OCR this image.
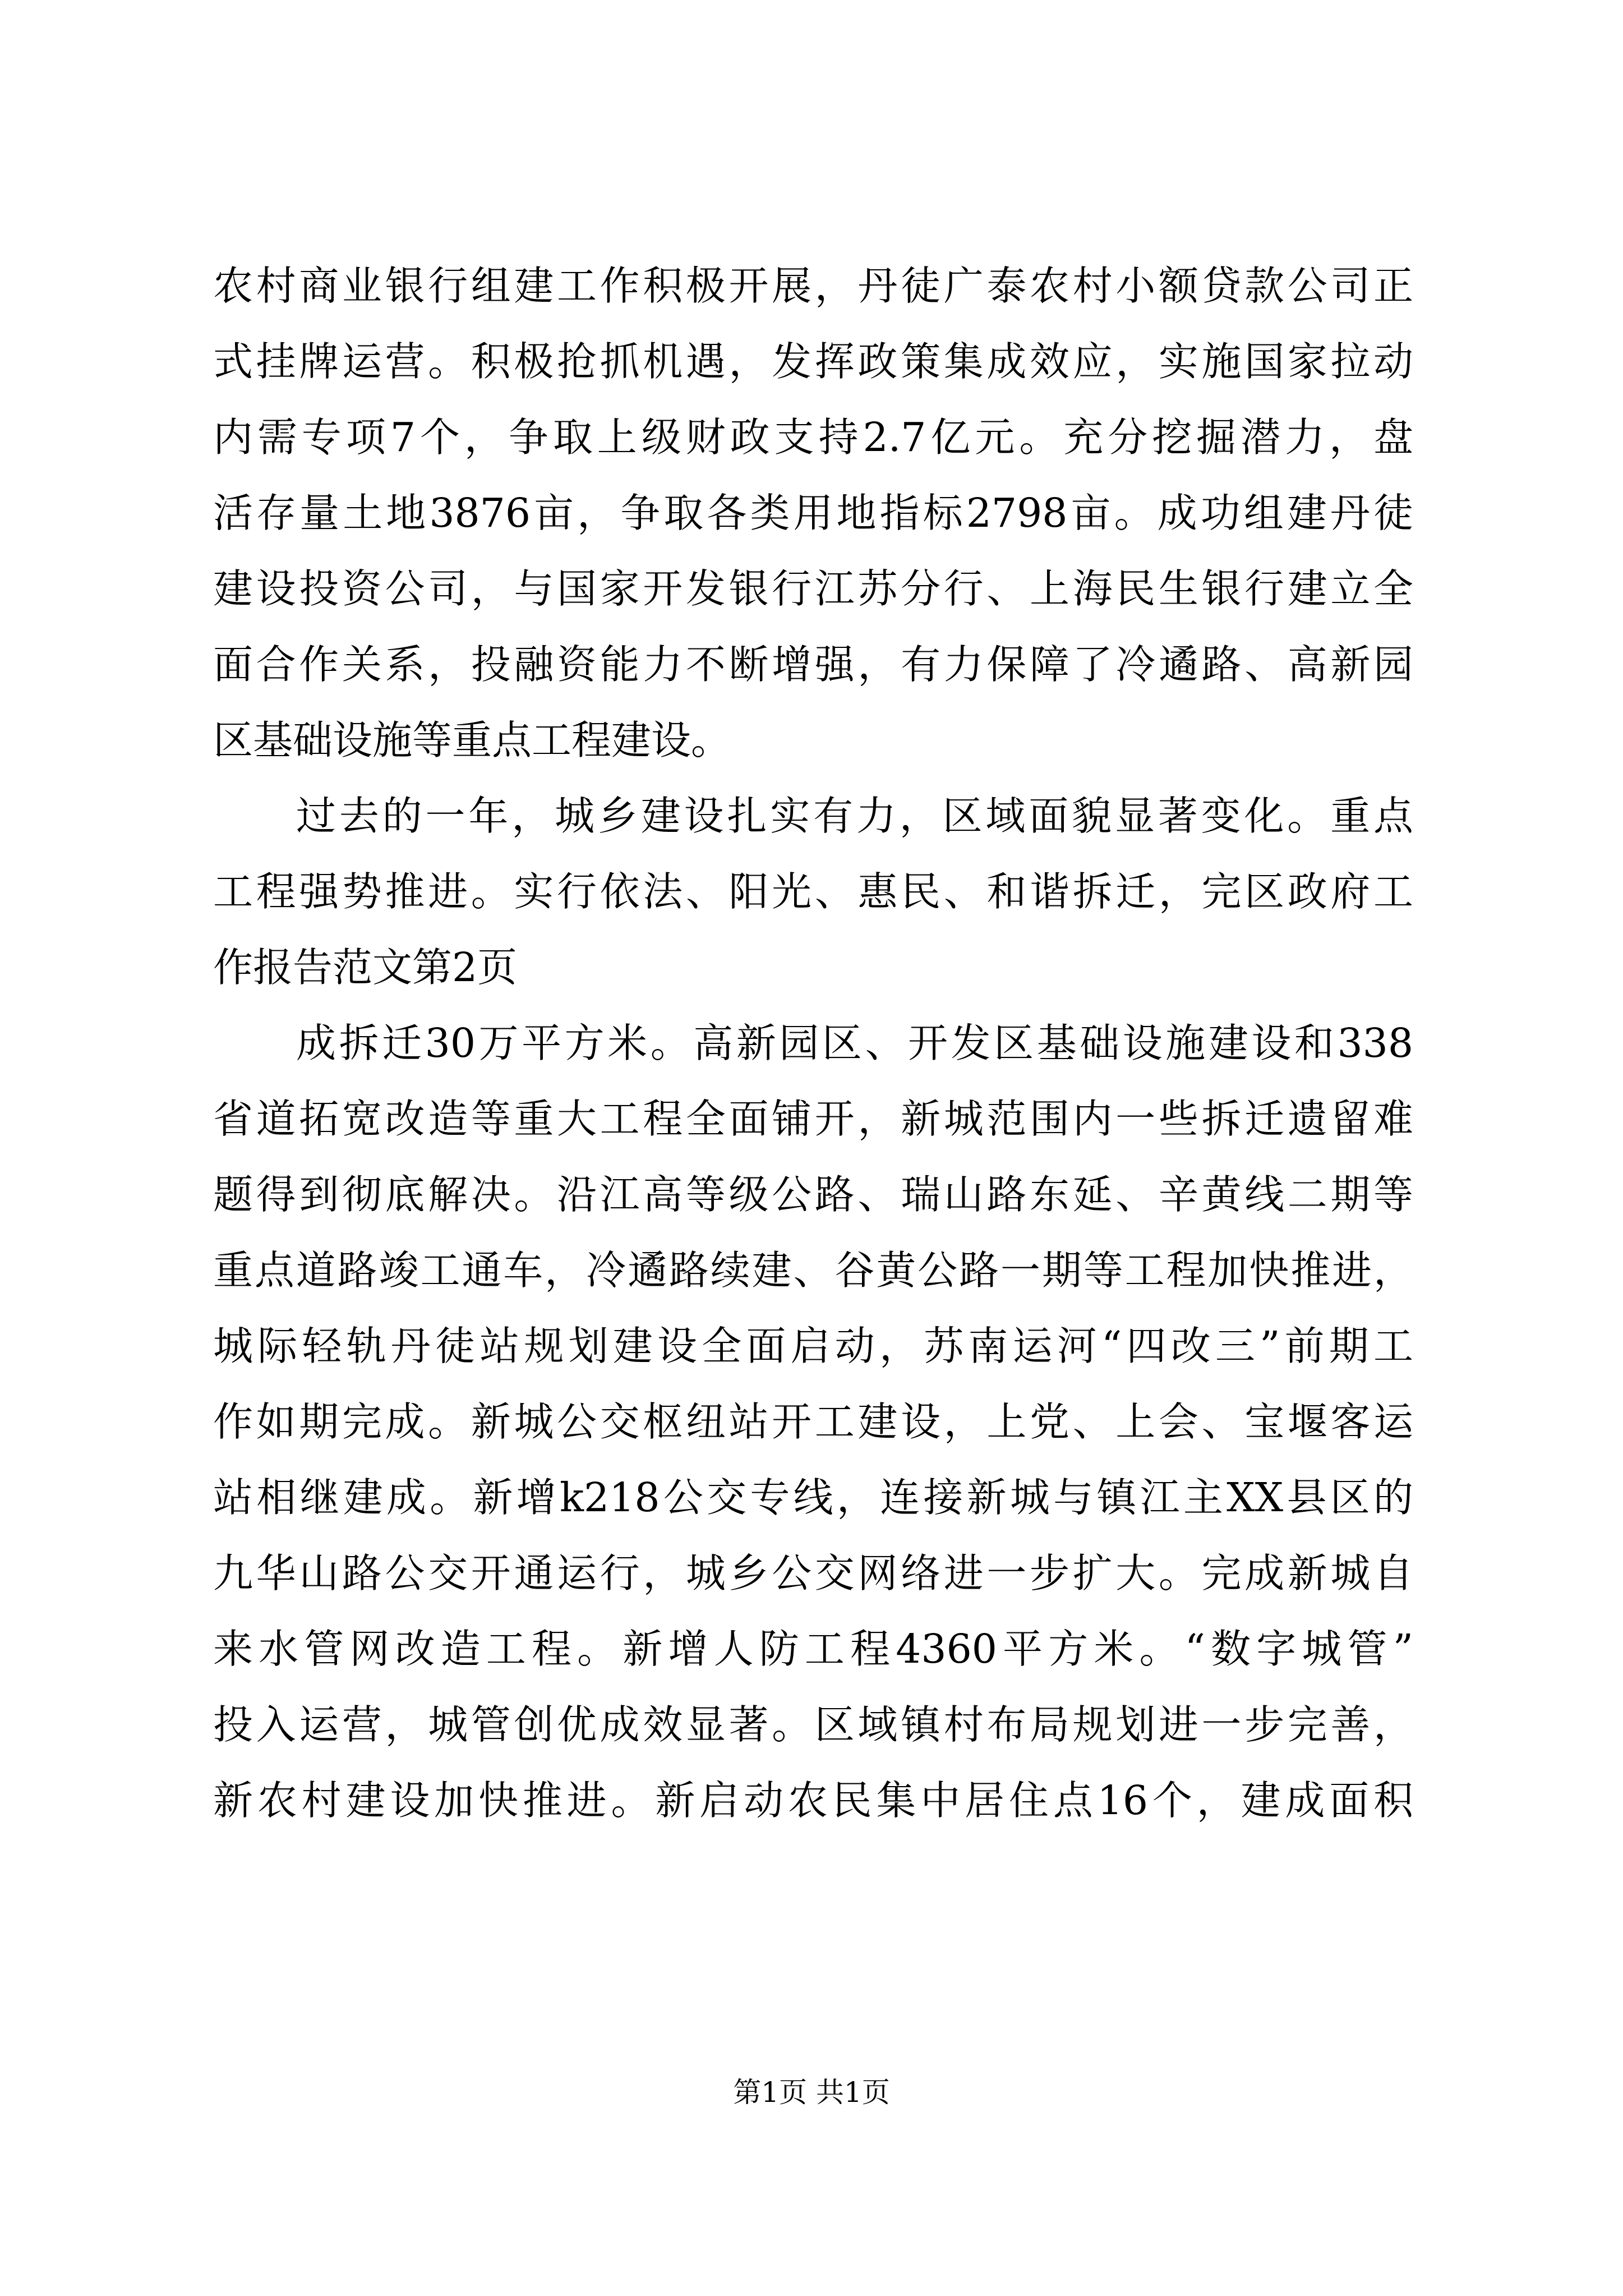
农村商业银行组建工作积极开展，丹徒广泰农村小额贷款公司正
式挂牌运营。积极抢抓机遇，发挥政策集成效应，实施国家拉动
内需专项7个，争取上级财政支持2.7亿元。充分挖掘潜力，盘
活存量土地3876亩，争取各类用地指标2798亩。成功组建丹徒
建设投资公司，与国家开发银行江苏分行、上海民生银行建立全
面合作关系，投融资能力不断增强，有力保障了冷遹路、高新园
区基础设施等重点工程建设。
过去的一年，城乡建设扎实有力，区域面貌显著变化。重点
工程强势推进。实行依法、阳光、惠民、和谐拆迁，完区政府工
作报告范文第2页
成拆迁30万平方米。高新园区、开发区基础设施建设和338
省道拓宽改造等重大工程全面铺开，新城范围内一些拆迁遗留难
题得到彻底解决。沿江高等级公路、瑞山路东延、辛黄线二期等
重点道路竣工通车，冷遹路续建、谷黄公路一期等工程加快推进，
城际轻轨丹徒站规划建设全面启动，苏南运河“四改三”前期工
作如期完成。新城公交枢纽站开工建设，上党、上会、宝堰客运
站相继建成。新增k218公交专线，连接新城与镇江主XX县区的
九华山路公交开通运行，城乡公交网络进一步扩大。完成新城自
来水管网改造工程。新增人防工程4360平方米。“数字城管”
投入运营，城管创优成效显著。区域镇村布局规划进一步完善，
新农村建设加快推进。新启动农民集中居住点16个，建成面积
第1页 共1页
